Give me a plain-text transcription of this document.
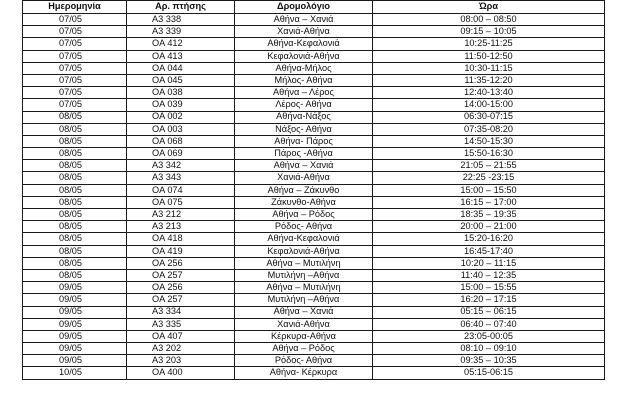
Ημερομηνία	Αρ. πτήσης	Δρομολόγιο	Ώρα
07/05	A3 338	Αθήνα – Χανιά	08:00 – 08:50
07/05	A3 339	Χανιά-Αθήνα	09:15 – 10:05
07/05	OA 412	Αθήνα-Κεφαλονιά	10:25-11:25
07/05	OA 413	Κεφαλονιά-Αθήνα	11:50-12:50
07/05	OA 044	Αθήνα-Μήλος	10:30-11:15
07/05	OA 045	Μήλος- Αθήνα	11:35-12:20
07/05	OA 038	Αθήνα – Λέρος	12:40-13:40
07/05	OA 039	Λέρος- Αθήνα	14:00-15:00
08/05	OA 002	Αθήνα-Νάξος	06:30-07:15
08/05	OA 003	Νάξος- Αθήνα	07:35-08:20
08/05	OA 068	Αθήνα- Πάρος	14:50-15:30
08/05	OA 069	Πάρος -Αθήνα	15:50-16:30
08/05	A3 342	Αθήνα – Χανιά	21:05 – 21:55
08/05	A3 343	Χανιά-Αθήνα	22:25 -23:15
08/05	OA 074	Αθήνα – Ζάκυνθο	15:00 – 15:50
08/05	OA 075	Ζάκυνθο-Αθήνα	16:15 – 17:00
08/05	A3 212	Αθήνα – Ρόδος	18:35 – 19:35
08/05	A3 213	Ρόδος- Αθήνα	20:00 – 21:00
08/05	OA 418	Αθήνα-Κεφαλονιά	15:20-16:20
08/05	OA 419	Κεφαλονιά-Αθήνα	16:45-17:40
08/05	OA 256	Αθήνα – Μυτιλήνη	10:20 – 11:15
08/05	OA 257	Μυτιλήνη –Αθήνα	11:40 – 12:35
09/05	OA 256	Αθήνα – Μυτιλήνη	15:00 – 15:55
09/05	OA 257	Μυτιλήνη –Αθήνα	16:20 – 17:15
09/05	A3 334	Αθήνα – Χανιά	05:15 – 06:15
09/05	A3 335	Χανιά-Αθήνα	06:40 – 07:40
09/05	OA 407	Κέρκυρα-Αθήνα	23:05-00:05
09/05	A3 202	Αθήνα – Ρόδος	08:10 – 09:10
09/05	A3 203	Ρόδος- Αθήνα	09:35 – 10:35
10/05	OA 400	Αθήνα- Κέρκυρα	05:15-06:15
